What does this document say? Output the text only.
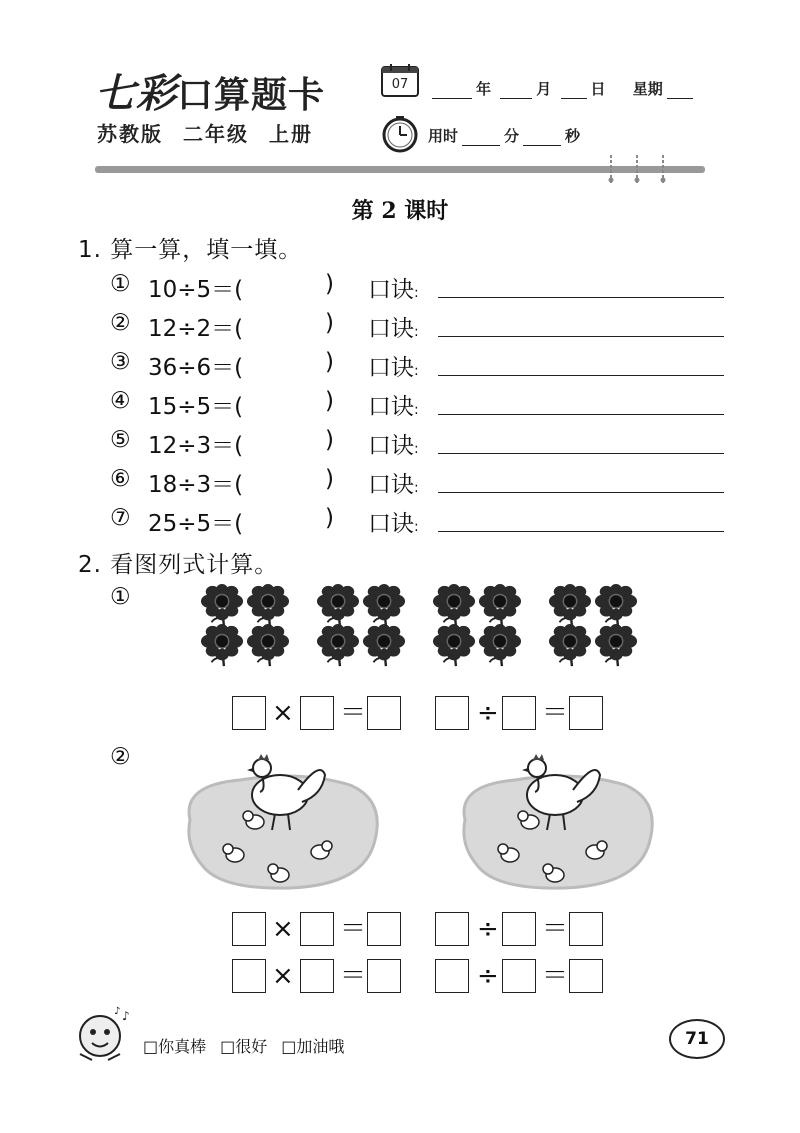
七彩口算题卡
苏教版 二年级 上册
07	年	月	日 星期
用时	分	秒
第 2 课时
1. 算一算，填一填。
① 10÷5＝(	) 口诀:
② 12÷2＝(	) 口诀:
③ 36÷6＝(	) 口诀:
④ 15÷5＝(	) 口诀:
⑤ 12÷3＝(	) 口诀:
⑥ 18÷3＝(	) 口诀:
⑦ 25÷5＝(	) 口诀:
2. 看图列式计算。
①
× ＝	÷ ＝
②
× ＝	÷ ＝
× ＝	÷ ＝
♪
♪
□你真棒 □很好 □加油哦	71
